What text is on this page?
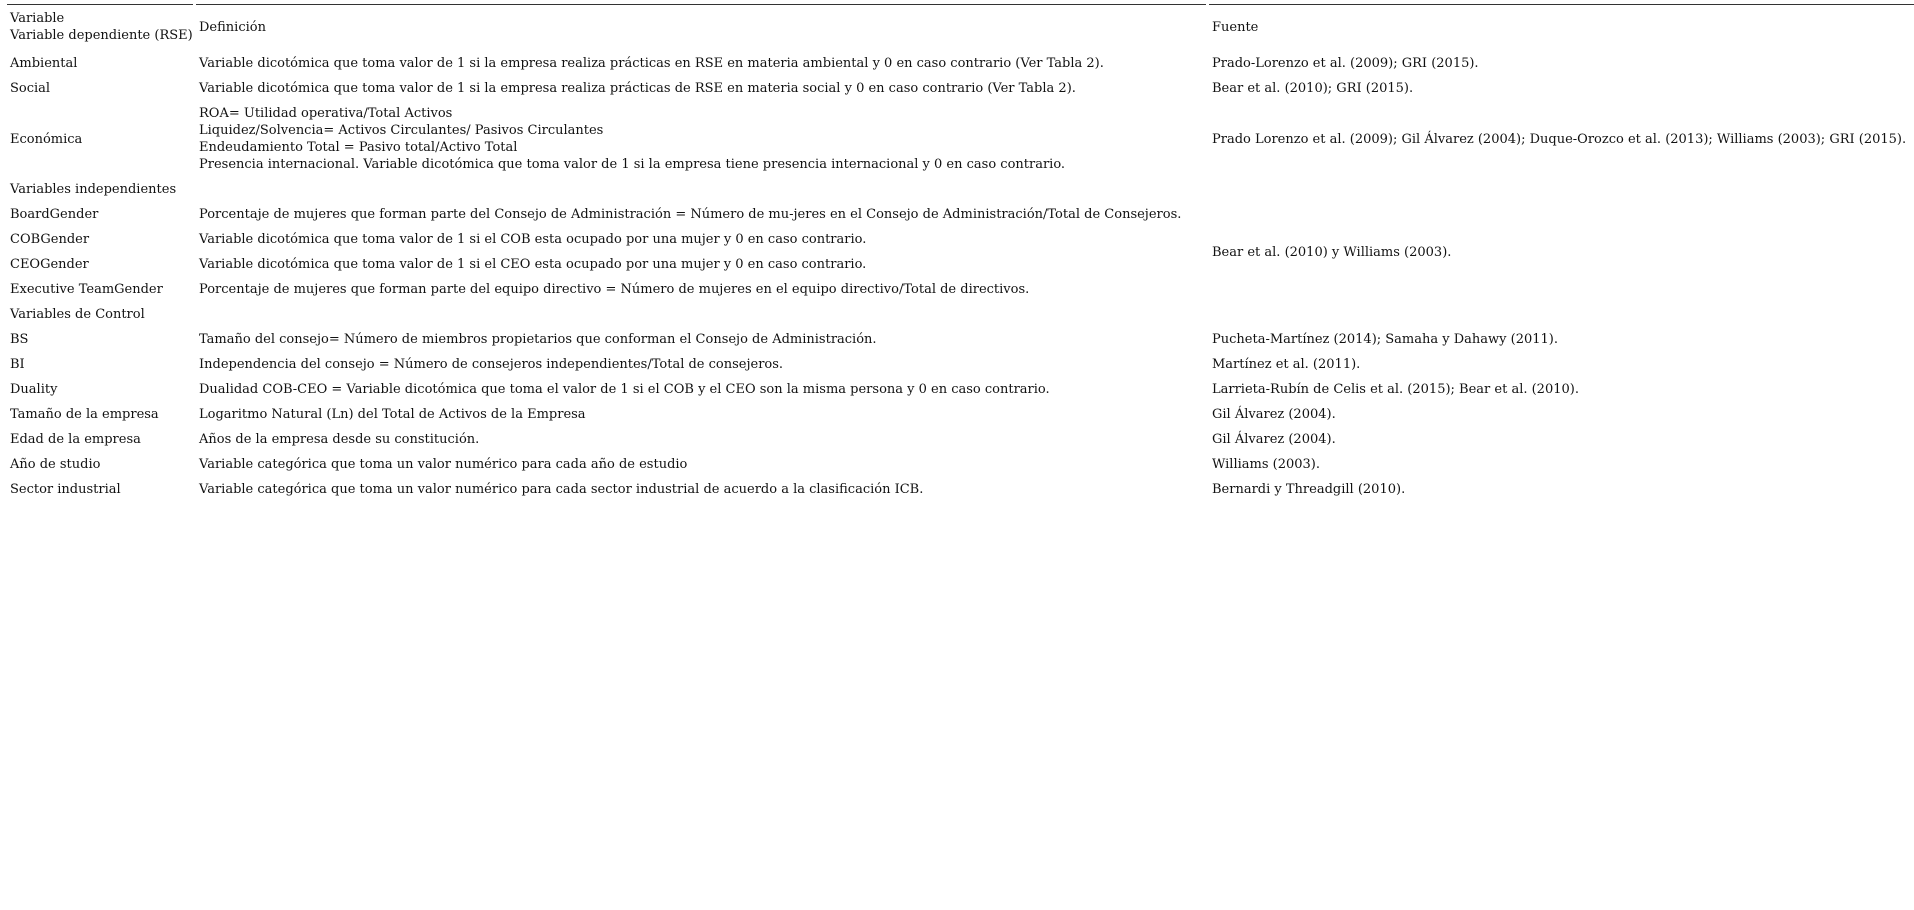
Variable
Variable dependiente (RSE)	Definición	Fuente
Ambiental	Variable dicotómica que toma valor de 1 si la empresa realiza prácticas en RSE en materia ambiental y 0 en caso contrario (Ver Tabla 2).	Prado-Lorenzo et al. (2009); GRI (2015).
Social	Variable dicotómica que toma valor de 1 si la empresa realiza prácticas de RSE en materia social y 0 en caso contrario (Ver Tabla 2).	Bear et al. (2010); GRI (2015).
Económica	ROA= Utilidad operativa/Total Activos
Liquidez/Solvencia= Activos Circulantes/ Pasivos Circulantes
Endeudamiento Total = Pasivo total/Activo Total
Presencia internacional. Variable dicotómica que toma valor de 1 si la empresa tiene presencia internacional y 0 en caso contrario.	Prado Lorenzo et al. (2009); Gil Álvarez (2004); Duque-Orozco et al. (2013); Williams (2003); GRI (2015).
Variables independientes		
BoardGender	Porcentaje de mujeres que forman parte del Consejo de Administración = Número de mu-jeres en el Consejo de Administración/Total de Consejeros.	Bear et al. (2010) y Williams (2003).
COBGender	Variable dicotómica que toma valor de 1 si el COB esta ocupado por una mujer y 0 en caso contrario.	
CEOGender	Variable dicotómica que toma valor de 1 si el CEO esta ocupado por una mujer y 0 en caso contrario.	
Executive TeamGender	Porcentaje de mujeres que forman parte del equipo directivo = Número de mujeres en el equipo directivo/Total de directivos.	
Variables de Control		
BS	Tamaño del consejo= Número de miembros propietarios que conforman el Consejo de Administración.	Pucheta-Martínez (2014); Samaha y Dahawy (2011).
BI	Independencia del consejo = Número de consejeros independientes/Total de consejeros.	Martínez et al. (2011).
Duality	Dualidad COB-CEO = Variable dicotómica que toma el valor de 1 si el COB y el CEO son la misma persona y 0 en caso contrario.	Larrieta-Rubín de Celis et al. (2015); Bear et al. (2010).
Tamaño de la empresa	Logaritmo Natural (Ln) del Total de Activos de la Empresa	Gil Álvarez (2004).
Edad de la empresa	Años de la empresa desde su constitución.	Gil Álvarez (2004).
Año de studio	Variable categórica que toma un valor numérico para cada año de estudio	Williams (2003).
Sector industrial	Variable categórica que toma un valor numérico para cada sector industrial de acuerdo a la clasificación ICB.	Bernardi y Threadgill (2010).
